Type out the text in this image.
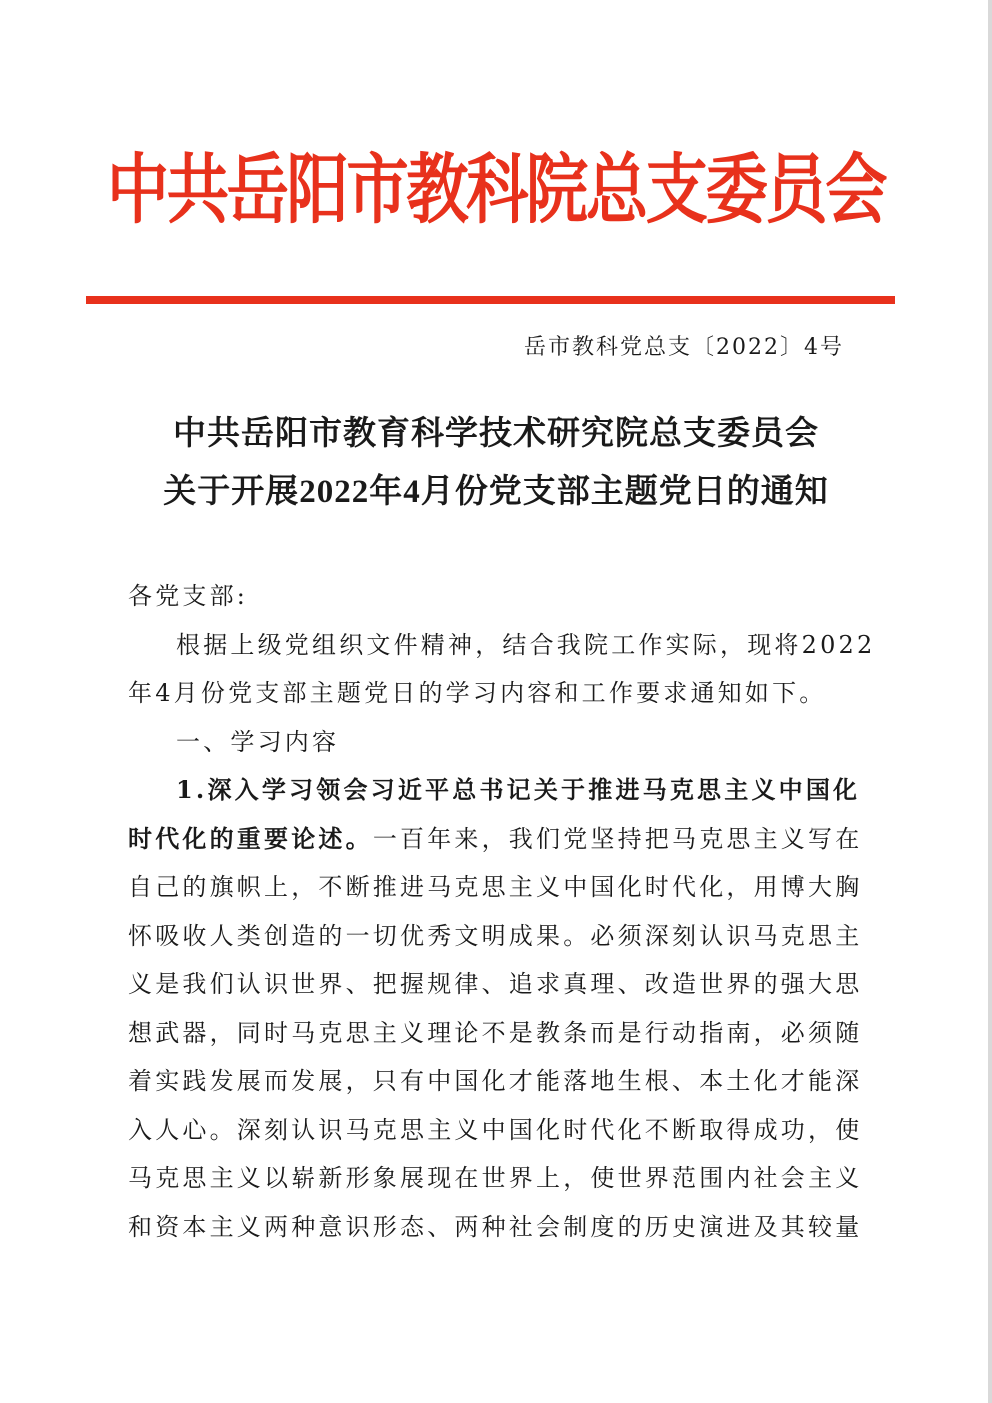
中共岳阳市教科院总支委员会
岳市教科党总支〔2022〕4号
中共岳阳市教育科学技术研究院总支委员会
关于开展2022年4月份党支部主题党日的通知
各党支部:
根据上级党组织文件精神，结合我院工作实际，现将2022
年4月份党支部主题党日的学习内容和工作要求通知如下。
一、学习内容
1.深入学习领会习近平总书记关于推进马克思主义中国化
时代化的重要论述。一百年来，我们党坚持把马克思主义写在
自己的旗帜上，不断推进马克思主义中国化时代化，用博大胸
怀吸收人类创造的一切优秀文明成果。必须深刻认识马克思主
义是我们认识世界、把握规律、追求真理、改造世界的强大思
想武器，同时马克思主义理论不是教条而是行动指南，必须随
着实践发展而发展，只有中国化才能落地生根、本土化才能深
入人心。深刻认识马克思主义中国化时代化不断取得成功，使
马克思主义以崭新形象展现在世界上，使世界范围内社会主义
和资本主义两种意识形态、两种社会制度的历史演进及其较量
